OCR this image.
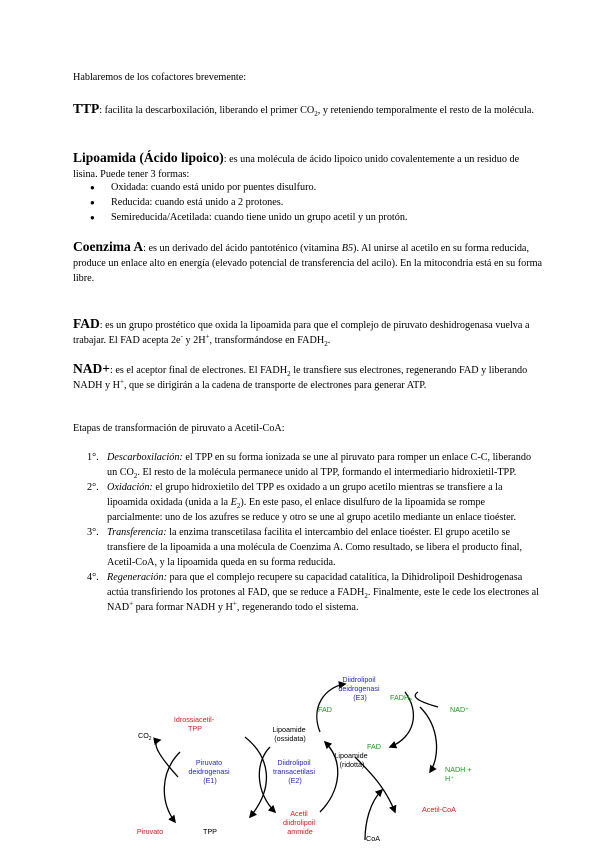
Hablaremos de los cofactores brevemente:
TTP: facilita la descarboxilación, liberando el primer $CO_2$, y reteniendo temporalmente el resto de la molécula.
Lipoamida (Ácido lipoico): es una molécula de ácido lipoico unido covalentemente a un residuo de lisina. Puede tener 3 formas:
● Oxidada: cuando está unido por puentes disulfuro.
● Reducida: cuando está unido a 2 protones.
● Semireducida/Acetilada: cuando tiene unido un grupo acetil y un protón.
Coenzima A: es un derivado del ácido pantoténico (vitamina B5). Al unirse al acetilo en su forma reducida, produce un enlace alto en energía (elevado potencial de transferencia del acilo). En la mitocondria está en su forma libre.
FAD: es un grupo prostético que oxida la lipoamida para que el complejo de piruvato deshidrogenasa vuelva a trabajar. El FAD acepta 2e- y 2H+, transformándose en $FADH_2$.
NAD+: es el aceptor final de electrones. El $FADH_2$ le transfiere sus electrones, regenerando FAD y liberando NADH y H+, que se dirigirán a la cadena de transporte de electrones para generar ATP.
Etapas de transformación de piruvato a Acetil-CoA:
1°. Descarboxilación: el TPP en su forma ionizada se une al piruvato para romper un enlace C-C, liberando un $CO_2$. El resto de la molécula permanece unido al TPP, formando el intermediario hidroxietil-TPP.
2°. Oxidación: el grupo hidroxietilo del TPP es oxidado a un grupo acetilo mientras se transfiere a la lipoamida oxidada (unida a la $E_2$). En este paso, el enlace disulfuro de la lipoamida se rompe parcialmente: uno de los azufres se reduce y otro se une al grupo acetilo mediante un enlace tioéster.
3°. Transferencia: la enzima transcetilasa facilita el intercambio del enlace tioéster. El grupo acetilo se transfiere de la lipoamida a una molécula de Coenzima A. Como resultado, se libera el producto final, Acetil-CoA, y la lipoamida queda en su forma reducida.
4°. Regeneración: para que el complejo recupere su capacidad catalítica, la Dihidrolipoil Deshidrogenasa actúa transfiriendo los protones al FAD, que se reduce a $FADH_2$. Finalmente, este le cede los electrones al NAD+ para formar NADH y H+, regenerando todo el sistema.
$CO_2$
Idrossiacetil- TPP
Piruvato deidrogenasi (E1)
Piruvato	TPP
Lipoamide (ossidata)
Diidrolipoil transacetilasi (E2)
Acetil diidrolipoil ammide
Lipoamide (ridotta)
Diidrolipoil deidrogenasi (E3)
FAD
$FADH_2$
FAD
NAD⁺
NADH + H⁺
Acetil-CoA
CoA
